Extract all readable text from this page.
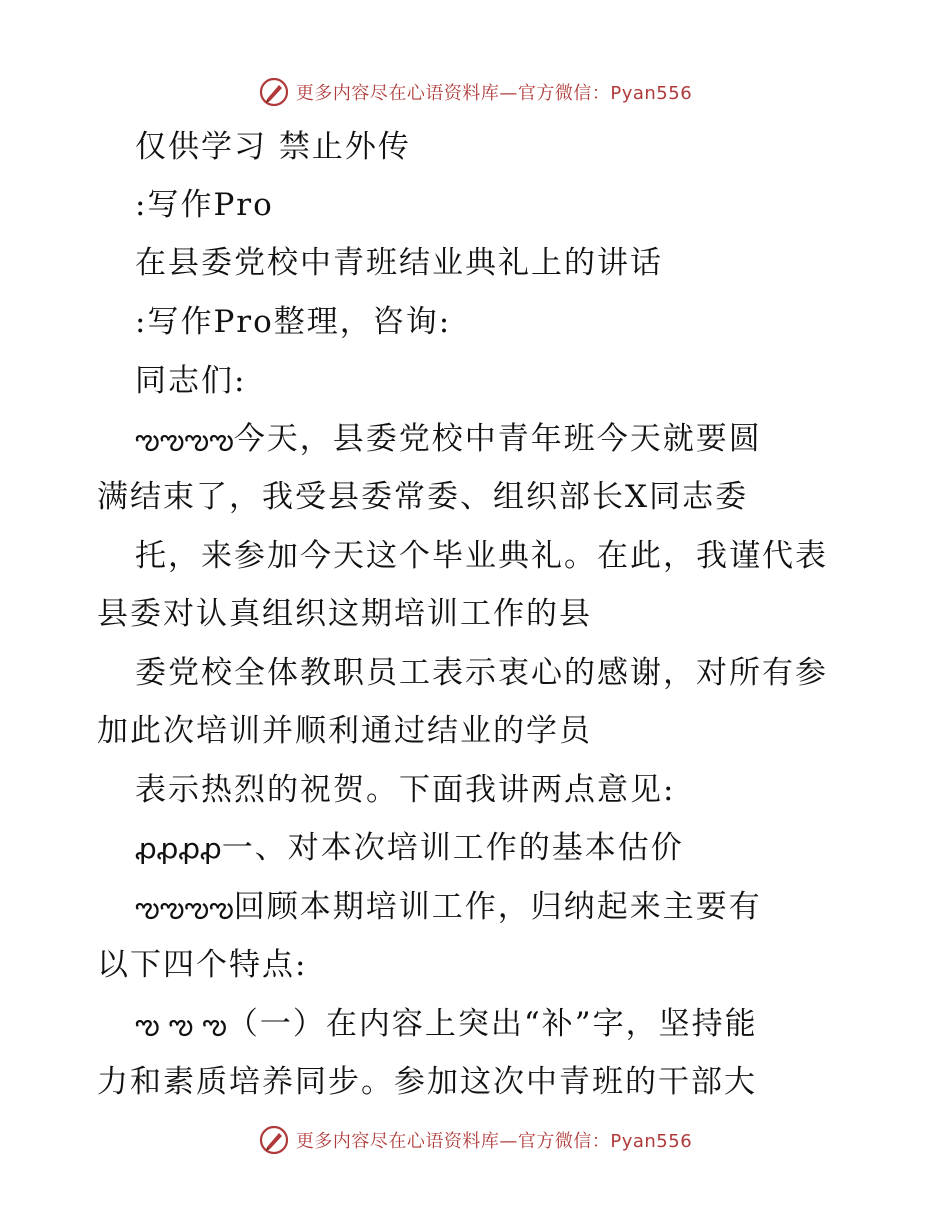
更多内容尽在心语资料库—官方微信：Pyan556
仅供学习 禁止外传
:写作Pro
在县委党校中青班结业典礼上的讲话
:写作Pro整理，咨询:
同志们:
ఌఌఌఌ今天，县委党校中青年班今天就要圆
满结束了，我受县委常委、组织部长X同志委
托，来参加今天这个毕业典礼。在此，我谨代表
县委对认真组织这期培训工作的县
委党校全体教职员工表示衷心的感谢，对所有参
加此次培训并顺利通过结业的学员
表示热烈的祝贺。下面我讲两点意见:
ꝓꝓꝓꝓ一、对本次培训工作的基本估价
ఌఌఌఌ回顾本期培训工作，归纳起来主要有
以下四个特点:
ఌ ఌ ఌ（一）在内容上突出“补”字，坚持能
力和素质培养同步。参加这次中青班的干部大
更多内容尽在心语资料库—官方微信：Pyan556
